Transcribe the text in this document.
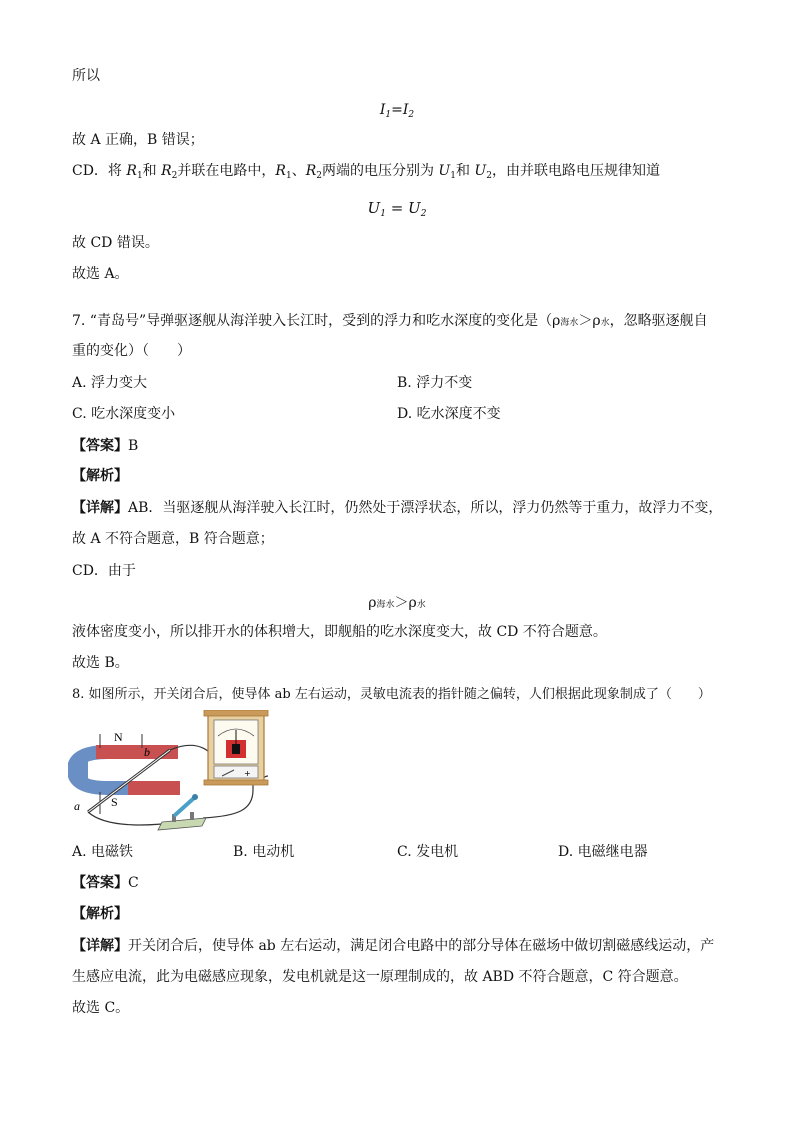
所以
$I_1=I_2$
故 A 正确，B 错误；
CD．将 $R_1$和 $R_2$并联在电路中，$R_1$、$R_2$两端的电压分别为 $U_1$和 $U_2$，由并联电路电压规律知道
$U_1 = U_2$
故 CD 错误。
故选 A。
7. “青岛号”导弹驱逐舰从海洋驶入长江时，受到的浮力和吃水深度的变化是（ρ海水＞ρ水，忽略驱逐舰自
重的变化）（　　）
A. 浮力变大	B. 浮力不变
C. 吃水深度变小	D. 吃水深度不变
【答案】B
【解析】
【详解】AB．当驱逐舰从海洋驶入长江时，仍然处于漂浮状态，所以，浮力仍然等于重力，故浮力不变，
故 A 不符合题意，B 符合题意；
CD．由于
ρ海水＞ρ水
液体密度变小，所以排开水的体积增大，即舰船的吃水深度变大，故 CD 不符合题意。
故选 B。
8. 如图所示，开关闭合后，使导体 ab 左右运动，灵敏电流表的指针随之偏转，人们根据此现象制成了（　　）
N
S
a
b
+
A. 电磁铁	B. 电动机	C. 发电机	D. 电磁继电器
【答案】C
【解析】
【详解】开关闭合后，使导体 ab 左右运动，满足闭合电路中的部分导体在磁场中做切割磁感线运动，产
生感应电流，此为电磁感应现象，发电机就是这一原理制成的，故 ABD 不符合题意，C 符合题意。
故选 C。
